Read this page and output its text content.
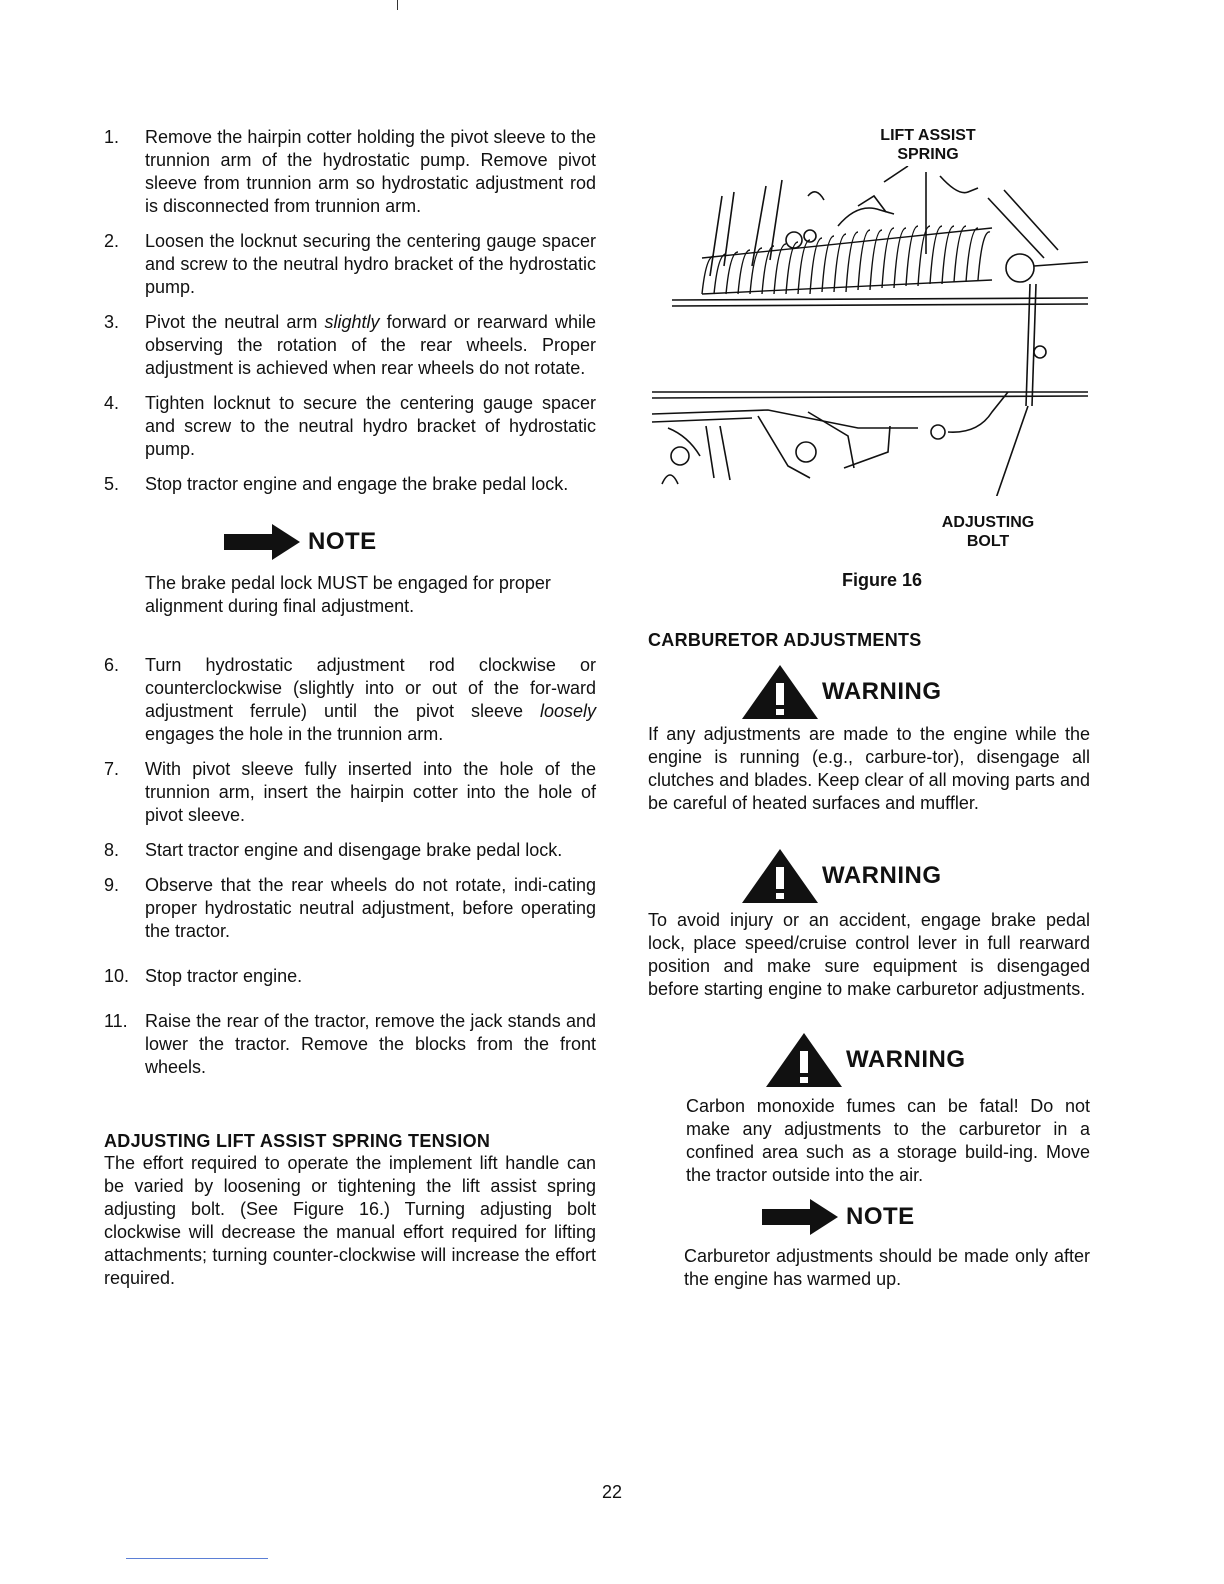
1.	Remove the hairpin cotter holding the pivot sleeve to the trunnion arm of the hydrostatic pump. Remove pivot sleeve from trunnion arm so hydrostatic adjustment rod is disconnected from trunnion arm.

2.	Loosen the locknut securing the centering gauge spacer and screw to the neutral hydro bracket of the hydrostatic pump.

3.	Pivot the neutral arm slightly forward or rearward while observing the rotation of the rear wheels. Proper adjustment is achieved when rear wheels do not rotate.

4.	Tighten locknut to secure the centering gauge spacer and screw to the neutral hydro bracket of hydrostatic pump.

5.	Stop tractor engine and engage the brake pedal lock.

NOTE

The brake pedal lock MUST be engaged for proper alignment during final adjustment.

6.	Turn hydrostatic adjustment rod clockwise or counterclockwise (slightly into or out of the for-ward adjustment ferrule) until the pivot sleeve loosely engages the hole in the trunnion arm.

7.	With pivot sleeve fully inserted into the hole of the trunnion arm, insert the hairpin cotter into the hole of pivot sleeve.

8.	Start tractor engine and disengage brake pedal lock.

9.	Observe that the rear wheels do not rotate, indi-cating proper hydrostatic neutral adjustment, before operating the tractor.

10. Stop tractor engine.

11. Raise the rear of the tractor, remove the jack stands and lower the tractor. Remove the blocks from the front wheels.

ADJUSTING LIFT ASSIST SPRING TENSION

The effort required to operate the implement lift handle can be varied by loosening or tightening the lift assist spring adjusting bolt. (See Figure 16.) Turning adjusting bolt clockwise will decrease the manual effort required for lifting attachments; turning counter-clockwise will increase the effort required.

LIFT ASSIST
SPRING
ADJUSTING
BOLT
Figure 16

CARBURETOR ADJUSTMENTS

WARNING

If any adjustments are made to the engine while the engine is running (e.g., carbure-tor), disengage all clutches and blades. Keep clear of all moving parts and be careful of heated surfaces and muffler.

WARNING

To avoid injury or an accident, engage brake pedal lock, place speed/cruise control lever in full rearward position and make sure equipment is disengaged before starting engine to make carburetor adjustments.

WARNING

Carbon monoxide fumes can be fatal! Do not make any adjustments to the carburetor in a confined area such as a storage build-ing. Move the tractor outside into the air.

NOTE

Carburetor adjustments should be made only after the engine has warmed up.

22
